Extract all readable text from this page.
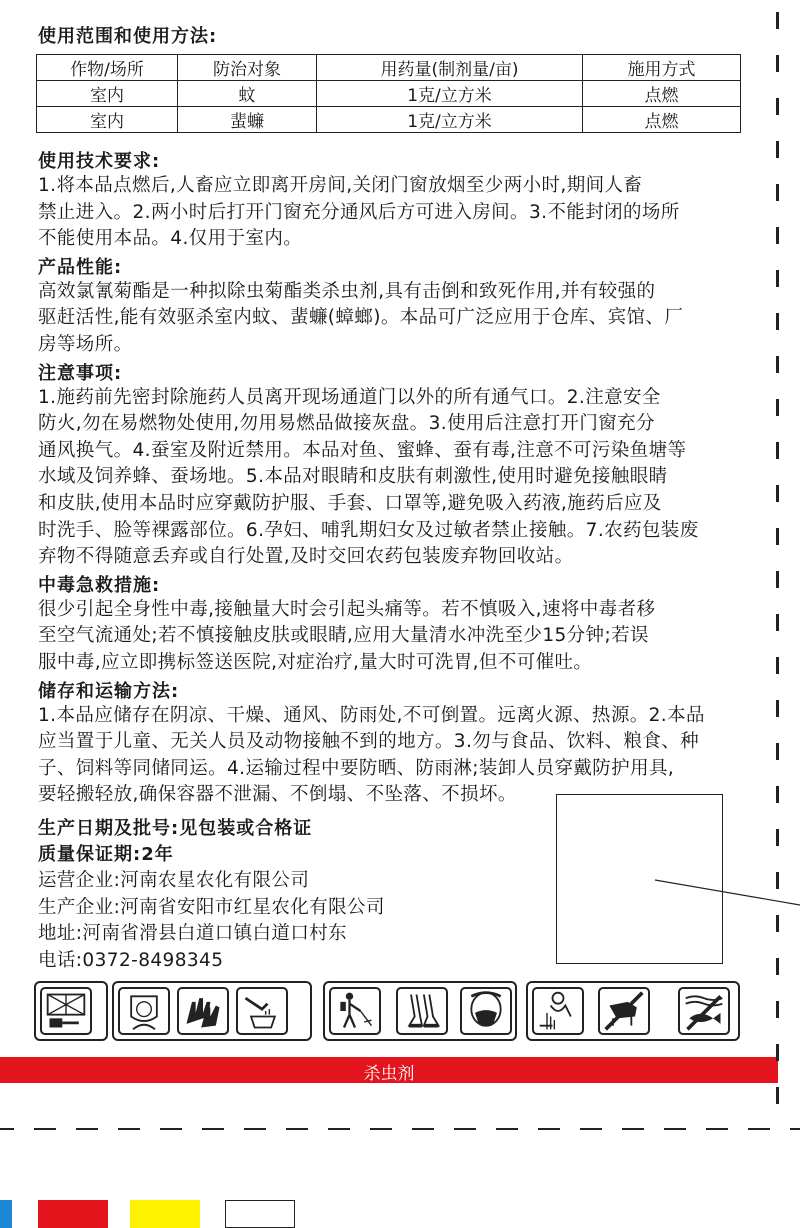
使用范围和使用方法:
作物/场所	防治对象	用药量(制剂量/亩)	施用方式
室内	蚊	1克/立方米	点燃
室内	蜚蠊	1克/立方米	点燃
使用技术要求:
1.将本品点燃后,人畜应立即离开房间,关闭门窗放烟至少两小时,期间人畜
禁止进入。2.两小时后打开门窗充分通风后方可进入房间。3.不能封闭的场所
不能使用本品。4.仅用于室内。
产品性能:
高效氯氰菊酯是一种拟除虫菊酯类杀虫剂,具有击倒和致死作用,并有较强的
驱赶活性,能有效驱杀室内蚊、蜚蠊(蟑螂)。本品可广泛应用于仓库、宾馆、厂
房等场所。
注意事项:
1.施药前先密封除施药人员离开现场通道门以外的所有通气口。2.注意安全
防火,勿在易燃物处使用,勿用易燃品做接灰盘。3.使用后注意打开门窗充分
通风换气。4.蚕室及附近禁用。本品对鱼、蜜蜂、蚕有毒,注意不可污染鱼塘等
水域及饲养蜂、蚕场地。5.本品对眼睛和皮肤有刺激性,使用时避免接触眼睛
和皮肤,使用本品时应穿戴防护服、手套、口罩等,避免吸入药液,施药后应及
时洗手、脸等裸露部位。6.孕妇、哺乳期妇女及过敏者禁止接触。7.农药包装废
弃物不得随意丢弃或自行处置,及时交回农药包装废弃物回收站。
中毒急救措施:
很少引起全身性中毒,接触量大时会引起头痛等。若不慎吸入,速将中毒者移
至空气流通处;若不慎接触皮肤或眼睛,应用大量清水冲洗至少15分钟;若误
服中毒,应立即携标签送医院,对症治疗,量大时可洗胃,但不可催吐。
储存和运输方法:
1.本品应储存在阴凉、干燥、通风、防雨处,不可倒置。远离火源、热源。2.本品
应当置于儿童、无关人员及动物接触不到的地方。3.勿与食品、饮料、粮食、种
子、饲料等同储同运。4.运输过程中要防晒、防雨淋;装卸人员穿戴防护用具,
要轻搬轻放,确保容器不泄漏、不倒塌、不坠落、不损坏。
生产日期及批号:见包装或合格证
质量保证期:2年
运营企业:河南农星农化有限公司
生产企业:河南省安阳市红星农化有限公司
地址:河南省滑县白道口镇白道口村东
电话:0372-8498345
杀虫剂
